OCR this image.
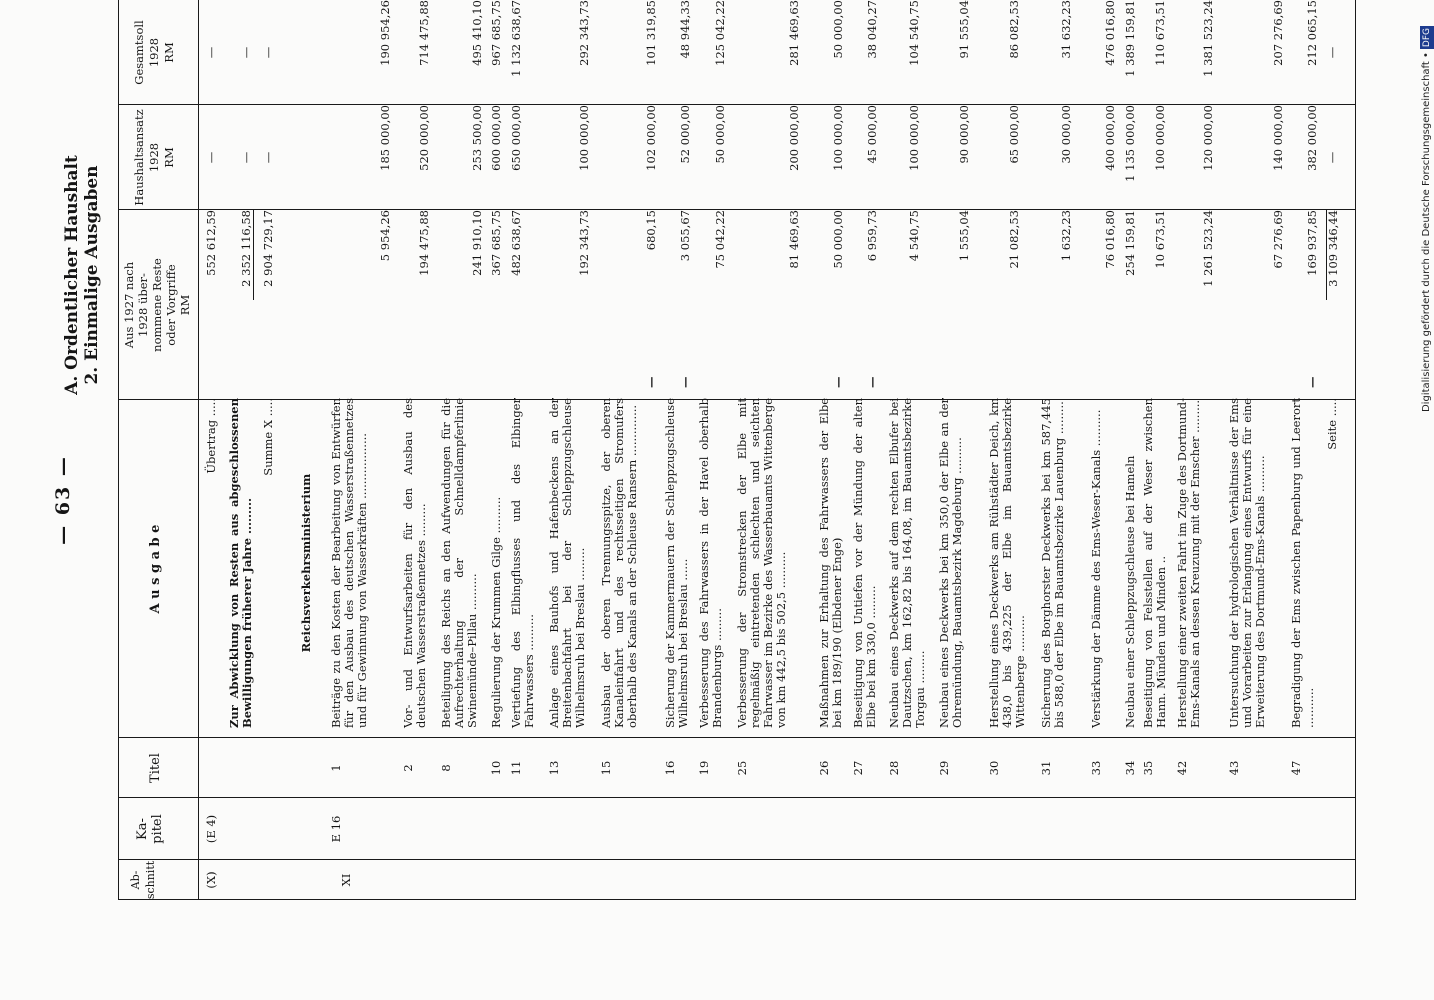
— 63 —
A. Ordentlicher Haushalt 2. Einmalige Ausgaben
Ab-
schnitt
Ka-
pitel
Titel
A u s g a b e
Aus 1927 nach
1928 über-
nommene Reste
oder Vorgriffe
RM
Haushaltsansatz
1928
RM
Gesamtsoll
1928
RM
(X)
(E 4)
Übertrag .....
552 612,59
—
—
Zur Abwicklung von Resten aus abgeschlossenen Bewilligungen früherer Jahre .........
2 352 116,58
—
—
Summe X .....
2 904 729,17
—
—
XI
Reichsverkehrsministerium
E 16
1
Beiträge zu den Kosten der Bearbeitung von Entwürfen für den Ausbau des deutschen Wasserstraßennetzes und für Gewinnung von Wasserkräften ..................
5 954,26
185 000,00
190 954,26
2
Vor- und Entwurfsarbeiten für den Ausbau des deutschen Wasserstraßennetzes .........
194 475,88
520 000,00
714 475,88
8
Beteiligung des Reichs an den Aufwendungen für die Aufrechterhaltung der Schnelldampferlinie Swinemünde–Pillau ..........
241 910,10
253 500,00
495 410,10
10
Regulierung der Krummen Gilge ..........
367 685,75
600 000,00
967 685,75
11
Vertiefung des Elbingflusses und des Elbinger Fahrwassers ..........
482 638,67
650 000,00
1 132 638,67
13
Anlage eines Bauhofs und Hafenbeckens an der Breitenbachfahrt bei der Schleppzugschleuse Wilhelmsruh bei Breslau .........
192 343,73
100 000,00
292 343,73
15
Ausbau der oberen Trennungsspitze, der oberen Kanaleinfahrt und des rechtsseitigen Stromufers oberhalb des Kanals an der Schleuse Ransern ..............
—
680,15
102 000,00
101 319,85
16
Sicherung der Kammermauern der Schleppzugschleuse Wilhelmsruh bei Breslau ......
—
3 055,67
52 000,00
48 944,33
19
Verbesserung des Fahrwassers in der Havel oberhalb Brandenburgs .........
75 042,22
50 000,00
125 042,22
25
Verbesserung der Stromstrecken der Elbe mit regelmäßig eintretenden schlechten und seichten Fahrwasser im Bezirke des Wasserbauamts Wittenberge von km 442,5 bis 502,5 ..........
81 469,63
200 000,00
281 469,63
26
Maßnahmen zur Erhaltung des Fahrwassers der Elbe bei km 189/190 (Elbdener Enge)
—
50 000,00
100 000,00
50 000,00
27
Beseitigung von Untiefen vor der Mündung der alten Elbe bei km 330,0 .........
—
6 959,73
45 000,00
38 040,27
28
Neubau eines Deckwerks auf dem rechten Elbufer bei Dautzschen, km 162,82 bis 164,08, im Bauamtsbezirke Torgau .........
4 540,75
100 000,00
104 540,75
29
Neubau eines Deckwerks bei km 350,0 der Elbe an der Ohremündung, Bauamtsbezirk Magdeburg ..........
1 555,04
90 000,00
91 555,04
30
Herstellung eines Deckwerks am Rühstädter Deich, km 438,0 bis 439,225 der Elbe im Bauamtsbezirke Wittenberge ..........
21 082,53
65 000,00
86 082,53
31
Sicherung des Borghorster Deckwerks bei km 587,445 bis 588,0 der Elbe im Bauamtsbezirke Lauenburg .........
1 632,23
30 000,00
31 632,23
33
Verstärkung der Dämme des Ems-Weser-Kanals ..........
76 016,80
400 000,00
476 016,80
34
Neubau einer Schleppzugschleuse bei Hameln
254 159,81
1 135 000,00
1 389 159,81
35
Beseitigung von Felsstellen auf der Weser zwischen Hann. Münden und Minden ..
10 673,51
100 000,00
110 673,51
42
Herstellung einer zweiten Fahrt im Zuge des Dortmund-Ems-Kanals an dessen Kreuzung mit der Emscher .........
1 261 523,24
120 000,00
1 381 523,24
43
Untersuchung der hydrologischen Verhältnisse der Ems und Vorarbeiten zur Erlangung eines Entwurfs für eine Erweiterung des Dortmund-Ems-Kanals ..........
67 276,69
140 000,00
207 276,69
47
Begradigung der Ems zwischen Papenburg und Leerort ...........
—
169 937,85
382 000,00
212 065,15
Seite .....
3 109 346,44
—
—	Digitalisierung gefördert durch die Deutsche Forschungsgemeinschaft •DFG
